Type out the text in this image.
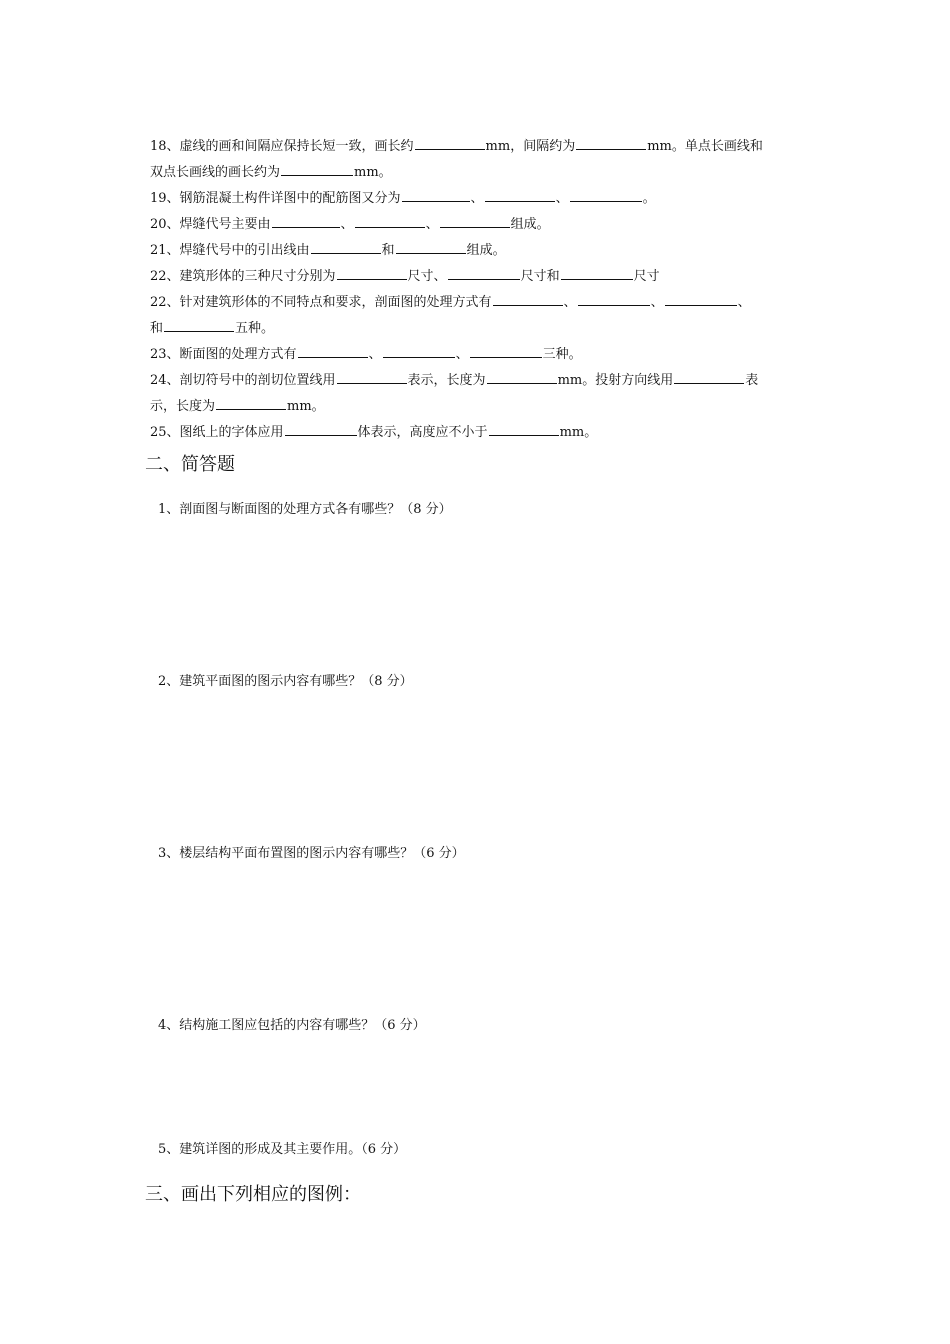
18、虚线的画和间隔应保持长短一致，画长约	mm，间隔约为	mm。单点长画线和
双点长画线的画长约为	mm。
19、钢筋混凝土构件详图中的配筋图又分为	、	、	。
20、焊缝代号主要由	、	、	组成。
21、焊缝代号中的引出线由	和	组成。
22、建筑形体的三种尺寸分别为	尺寸、	尺寸和	尺寸
22、针对建筑形体的不同特点和要求，剖面图的处理方式有	、	、	、
和	五种。
23、断面图的处理方式有	、	、	三种。
24、剖切符号中的剖切位置线用	表示，长度为	mm。投射方向线用	表
示，长度为	mm。
25、图纸上的字体应用	体表示，高度应不小于	mm。
二、简答题
1、剖面图与断面图的处理方式各有哪些？（8 分）
2、建筑平面图的图示内容有哪些？（8 分）
3、楼层结构平面布置图的图示内容有哪些？（6 分）
4、结构施工图应包括的内容有哪些？（6 分）
5、建筑详图的形成及其主要作用。（6 分）
三、画出下列相应的图例：
